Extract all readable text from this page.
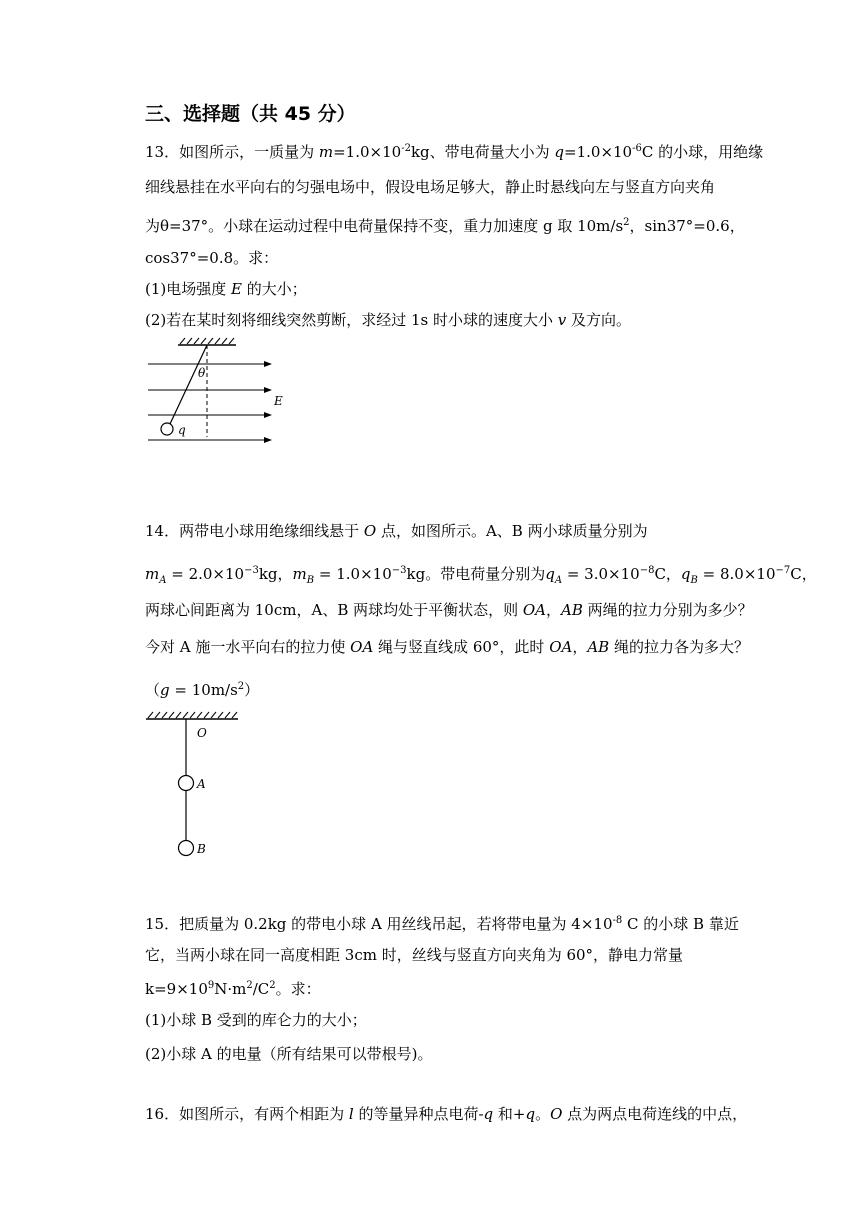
三、选择题（共 45 分）
13．如图所示，一质量为 $m=1.0\times 10^{-2}kg$、带电荷量大小为 $q=1.0\times 10^{-6}C$ 的小球，用绝缘
细线悬挂在水平向右的匀强电场中，假设电场足够大，静止时悬线向左与竖直方向夹角
为θ=37°。小球在运动过程中电荷量保持不变，重力加速度 g 取 $10m/s^2$，sin37°=0.6，
cos37°=0.8。求：
(1)电场强度 E 的大小；
(2)若在某时刻将细线突然剪断，求经过 1s 时小球的速度大小 v 及方向。
θ
E
q
14．两带电小球用绝缘细线悬于 O 点，如图所示。A、B 两小球质量分别为
$m_A = 2.0\times 10^{-3}kg$，$m_B = 1.0\times 10^{-3}kg$。带电荷量分别为$q_A = 3.0\times 10^{-8}C$，$q_B = 8.0\times 10^{-7}C$，
两球心间距离为 10cm，A、B 两球均处于平衡状态，则 OA，AB 两绳的拉力分别为多少？
今对 A 施一水平向右的拉力使 OA 绳与竖直线成 60°，此时 OA，AB 绳的拉力各为多大？
$(g = 10m/s^2)$
O
A
B
15．把质量为 0.2kg 的带电小球 A 用丝线吊起，若将带电量为 $4\times 10^{-8}$ C 的小球 B 靠近
它，当两小球在同一高度相距 3cm 时，丝线与竖直方向夹角为 60°，静电力常量
$k=9\times 10^9N\cdot m^2/C^2$。求：
(1)小球 B 受到的库仑力的大小；
(2)小球 A 的电量（所有结果可以带根号)。
16．如图所示，有两个相距为 l 的等量异种点电荷-q 和+q。O 点为两点电荷连线的中点，
